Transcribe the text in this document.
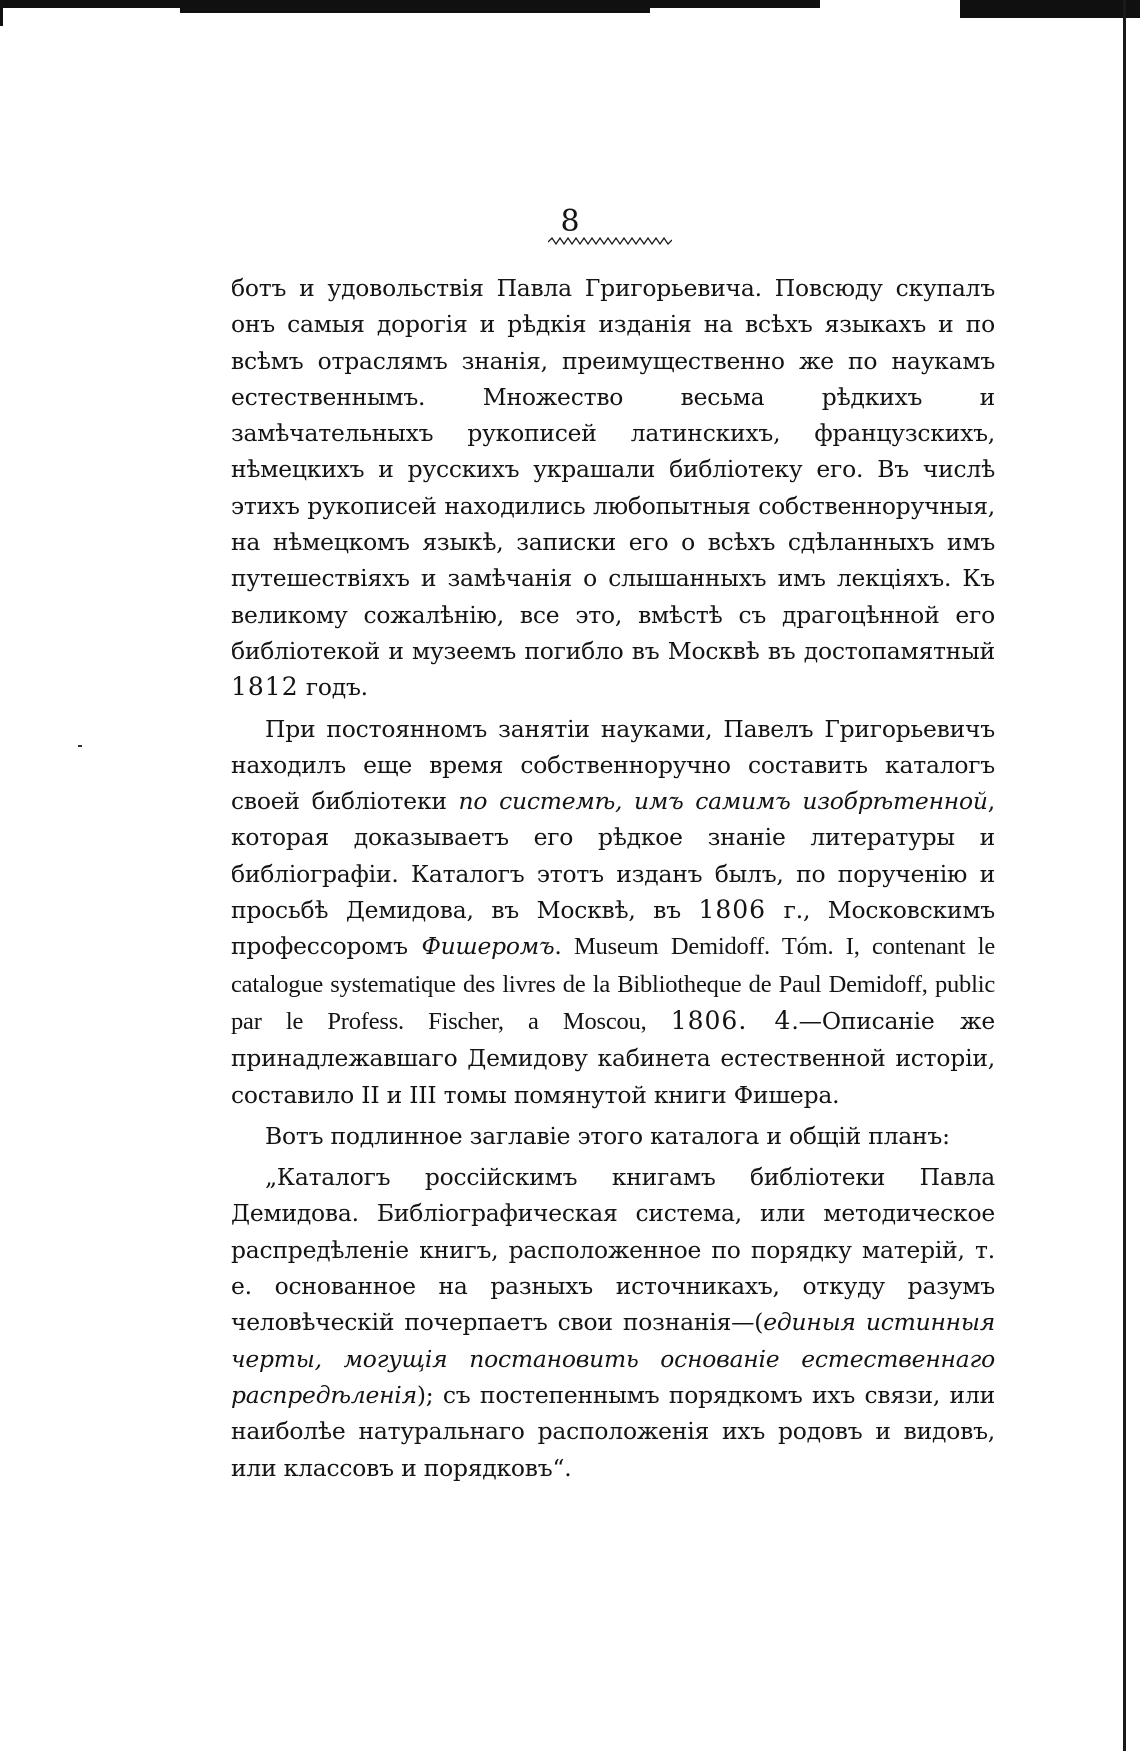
8

ботъ и удовольствія Павла Григорьевича. Повсюду скупалъ онъ самыя дорогія и рѣдкія изданія на всѣхъ языкахъ и по всѣмъ отраслямъ знанія, преимущественно же по наукамъ естественнымъ. Множество весьма рѣдкихъ и замѣчательныхъ рукописей латинскихъ, французскихъ, нѣмецкихъ и русскихъ украшали библіотеку его. Въ числѣ этихъ рукописей находились любопытныя собственноручныя, на нѣмецкомъ языкѣ, записки его о всѣхъ сдѣланныхъ имъ путешествіяхъ и замѣчанія о слышанныхъ имъ лекціяхъ. Къ великому сожалѣнію, все это, вмѣстѣ съ драгоцѣнной его библіотекой и музеемъ погибло въ Москвѣ въ достопамятный 1812 годъ.

При постоянномъ занятіи науками, Павелъ Григорьевичъ находилъ еще время собственноручно составить каталогъ своей библіотеки по системѣ, имъ самимъ изобрѣтенной, которая доказываетъ его рѣдкое знаніе литературы и библіографіи. Каталогъ этотъ изданъ былъ, по порученію и просьбѣ Демидова, въ Москвѣ, въ 1806 г., Московскимъ профессоромъ Фишеромъ. Museum Demidoff. Tóm. I, contenant le catalogue systematique des livres de la Bibliotheque de Paul Demidoff, public par le Profess. Fischer, a Moscou, 1806. 4.—Описаніе же принадлежавшаго Демидову кабинета естественной исторіи, составило II и III томы помянутой книги Фишера.

Вотъ подлинное заглавіе этого каталога и общій планъ:

„Каталогъ россійскимъ книгамъ библіотеки Павла Демидова. Библіографическая система, или методическое распредѣленіе книгъ, расположенное по порядку матерій, т. е. основанное на разныхъ источникахъ, откуду разумъ человѣческій почерпаетъ свои познанія—(единыя истинныя черты, могущія постановить основаніе естественнаго распредѣленія); съ постепеннымъ порядкомъ ихъ связи, или наиболѣе натуральнаго расположенія ихъ родовъ и видовъ, или классовъ и порядковъ“.
